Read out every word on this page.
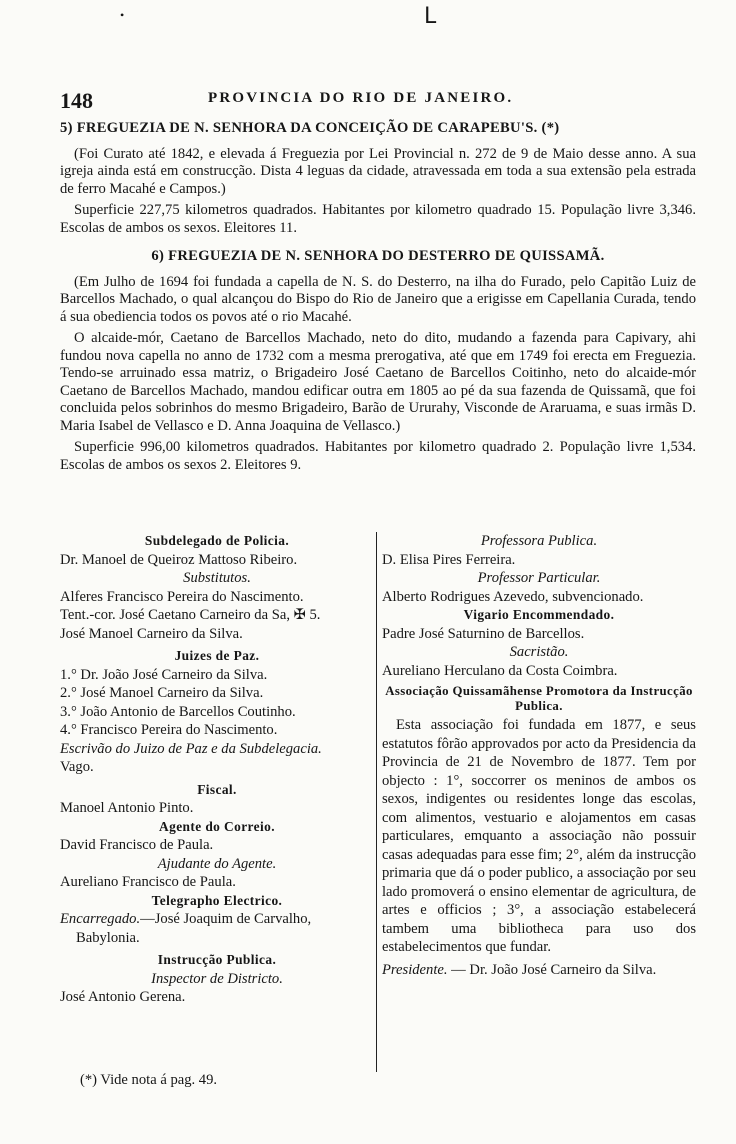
L
•
148	PROVINCIA DO RIO DE JANEIRO.
5) FREGUEZIA DE N. SENHORA DA CONCEIÇÃO DE CARAPEBU'S. (*)

(Foi Curato até 1842, e elevada á Freguezia por Lei Provincial n. 272 de 9 de Maio desse anno. A sua igreja ainda está em construcção. Dista 4 leguas da cidade, atravessada em toda a sua extensão pela estrada de ferro Macahé e Campos.)

Superficie 227,75 kilometros quadrados. Habitantes por kilometro quadrado 15. População livre 3,346. Escolas de ambos os sexos. Eleitores 11.

6) FREGUEZIA DE N. SENHORA DO DESTERRO DE QUISSAMÃ.

(Em Julho de 1694 foi fundada a capella de N. S. do Desterro, na ilha do Furado, pelo Capitão Luiz de Barcellos Machado, o qual alcançou do Bispo do Rio de Janeiro que a erigisse em Capellania Curada, tendo á sua obediencia todos os povos até o rio Macahé.

O alcaide-mór, Caetano de Barcellos Machado, neto do dito, mudando a fazenda para Capivary, ahi fundou nova capella no anno de 1732 com a mesma prerogativa, até que em 1749 foi erecta em Freguezia. Tendo-se arruinado essa matriz, o Brigadeiro José Caetano de Barcellos Coitinho, neto do alcaide-mór Caetano de Barcellos Machado, mandou edificar outra em 1805 ao pé da sua fazenda de Quissamã, que foi concluida pelos sobrinhos do mesmo Brigadeiro, Barão de Ururahy, Visconde de Araruama, e suas irmãs D. Maria Isabel de Vellasco e D. Anna Joaquina de Vellasco.)

Superficie 996,00 kilometros quadrados. Habitantes por kilometro quadrado 2. População livre 1,534. Escolas de ambos os sexos 2. Eleitores 9.

Subdelegado de Policia.
Dr. Manoel de Queiroz Mattoso Ribeiro.
Substitutos.
Alferes Francisco Pereira do Nascimento.
Tent.-cor. José Caetano Carneiro da Sa, ✠ 5.
José Manoel Carneiro da Silva.
Juizes de Paz.
1.° Dr. João José Carneiro da Silva.
2.° José Manoel Carneiro da Silva.
3.° João Antonio de Barcellos Coutinho.
4.° Francisco Pereira do Nascimento.
Escrivão do Juizo de Paz e da Subdelegacia.
Vago.
Fiscal.
Manoel Antonio Pinto.
Agente do Correio.
David Francisco de Paula.
Ajudante do Agente.
Aureliano Francisco de Paula.
Telegrapho Electrico.
Encarregado.—José Joaquim de Carvalho, Babylonia.
Instrucção Publica.
Inspector de Districto.
José Antonio Gerena.
Professora Publica.
D. Elisa Pires Ferreira.
Professor Particular.
Alberto Rodrigues Azevedo, subvencionado.
Vigario Encommendado.
Padre José Saturnino de Barcellos.
Sacristão.
Aureliano Herculano da Costa Coimbra.
Associação Quissamãhense Promotora da Instrucção Publica.

Esta associação foi fundada em 1877, e seus estatutos fôrão approvados por acto da Presidencia da Provincia de 21 de Novembro de 1877. Tem por objecto : 1°, soccorrer os meninos de ambos os sexos, indigentes ou residentes longe das escolas, com alimentos, vestuario e alojamentos em casas particulares, emquanto a associação não possuir casas adequadas para esse fim; 2°, além da instrucção primaria que dá o poder publico, a associação por seu lado promoverá o ensino elementar de agricultura, de artes e officios ; 3°, a associação estabelecerá tambem uma bibliotheca para uso dos estabelecimentos que fundar.

Presidente. — Dr. João José Carneiro da Silva.
(*) Vide nota á pag. 49.
